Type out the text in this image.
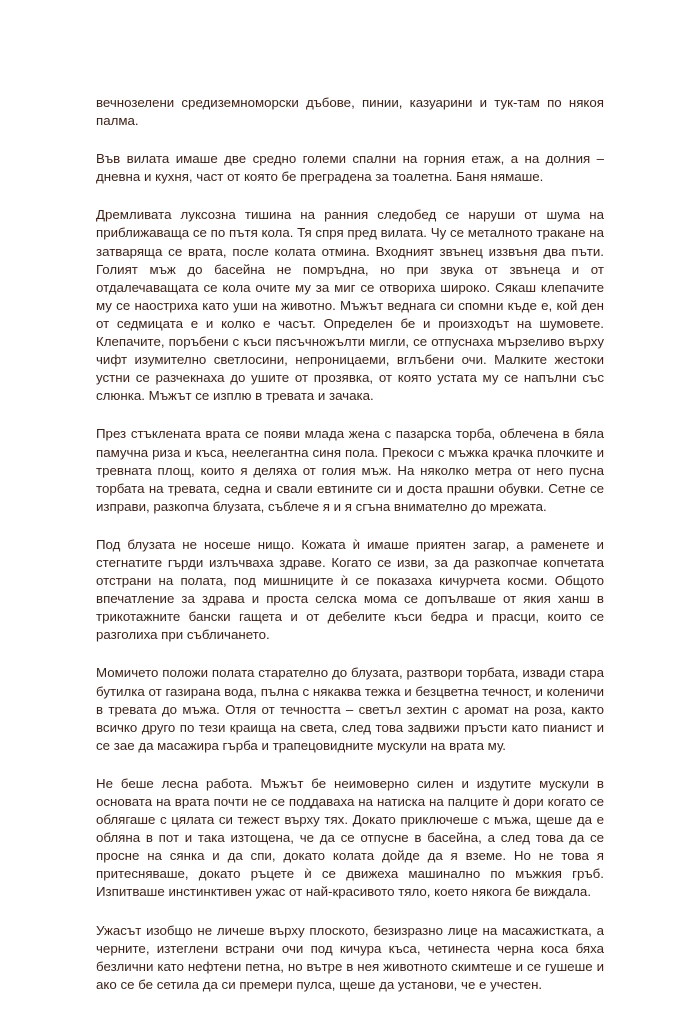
вечнозелени средиземноморски дъбове, пинии, казуарини и тук-там по някоя палма.

Във вилата имаше две средно големи спални на горния етаж, а на долния – дневна и кухня, част от която бе преградена за тоалетна. Баня нямаше.

Дремливата луксозна тишина на ранния следобед се наруши от шума на приближаваща се по пътя кола. Тя спря пред вилата. Чу се металното тракане на затваряща се врата, после колата отмина. Входният звънец иззвъня два пъти. Голият мъж до басейна не помръдна, но при звука от звънеца и от отдалечаващата се кола очите му за миг се отвориха широко. Сякаш клепачите му се наостриха като уши на животно. Мъжът веднага си спомни къде е, кой ден от седмицата е и колко е часът. Определен бе и произходът на шумовете. Клепачите, поръбени с къси пясъчножълти мигли, се отпуснаха мързеливо върху чифт изумително светлосини, непроницаеми, вглъбени очи. Малките жестоки устни се разчекнаха до ушите от прозявка, от която устата му се напълни със слюнка. Мъжът се изплю в тревата и зачака.

През стъклената врата се появи млада жена с пазарска торба, облечена в бяла памучна риза и къса, неелегантна синя пола. Прекоси с мъжка крачка плочките и тревната площ, които я деляха от голия мъж. На няколко метра от него пусна торбата на тревата, седна и свали евтините си и доста прашни обувки. Сетне се изправи, разкопча блузата, съблече я и я сгъна внимателно до мрежата.

Под блузата не носеше нищо. Кожата ѝ имаше приятен загар, а раменете и стегнатите гърди излъчваха здраве. Когато се изви, за да разкопчае копчетата отстрани на полата, под мишниците ѝ се показаха кичурчета косми. Общото впечатление за здрава и проста селска мома се допълваше от якия ханш в трикотажните бански гащета и от дебелите къси бедра и прасци, които се разголиха при събличането.

Момичето положи полата старателно до блузата, разтвори торбата, извади стара бутилка от газирана вода, пълна с някаква тежка и безцветна течност, и коленичи в тревата до мъжа. Отля от течността – светъл зехтин с аромат на роза, както всичко друго по тези краища на света, след това задвижи пръсти като пианист и се зае да масажира гърба и трапецовидните мускули на врата му.

Не беше лесна работа. Мъжът бе неимоверно силен и издутите мускули в основата на врата почти не се поддаваха на натиска на палците ѝ дори когато се облягаше с цялата си тежест върху тях. Докато приключеше с мъжа, щеше да е обляна в пот и така изтощена, че да се отпусне в басейна, а след това да се просне на сянка и да спи, докато колата дойде да я вземе. Но не това я притесняваше, докато ръцете ѝ се движеха машинално по мъжкия гръб. Изпитваше инстинктивен ужас от най-красивото тяло, което някога бе виждала.

Ужасът изобщо не личеше върху плоското, безизразно лице на масажистката, а черните, изтеглени встрани очи под кичура къса, четинеста черна коса бяха безлични като нефтени петна, но вътре в нея животното скимтеше и се гушеше и ако се бе сетила да си премери пулса, щеше да установи, че е учестен.
